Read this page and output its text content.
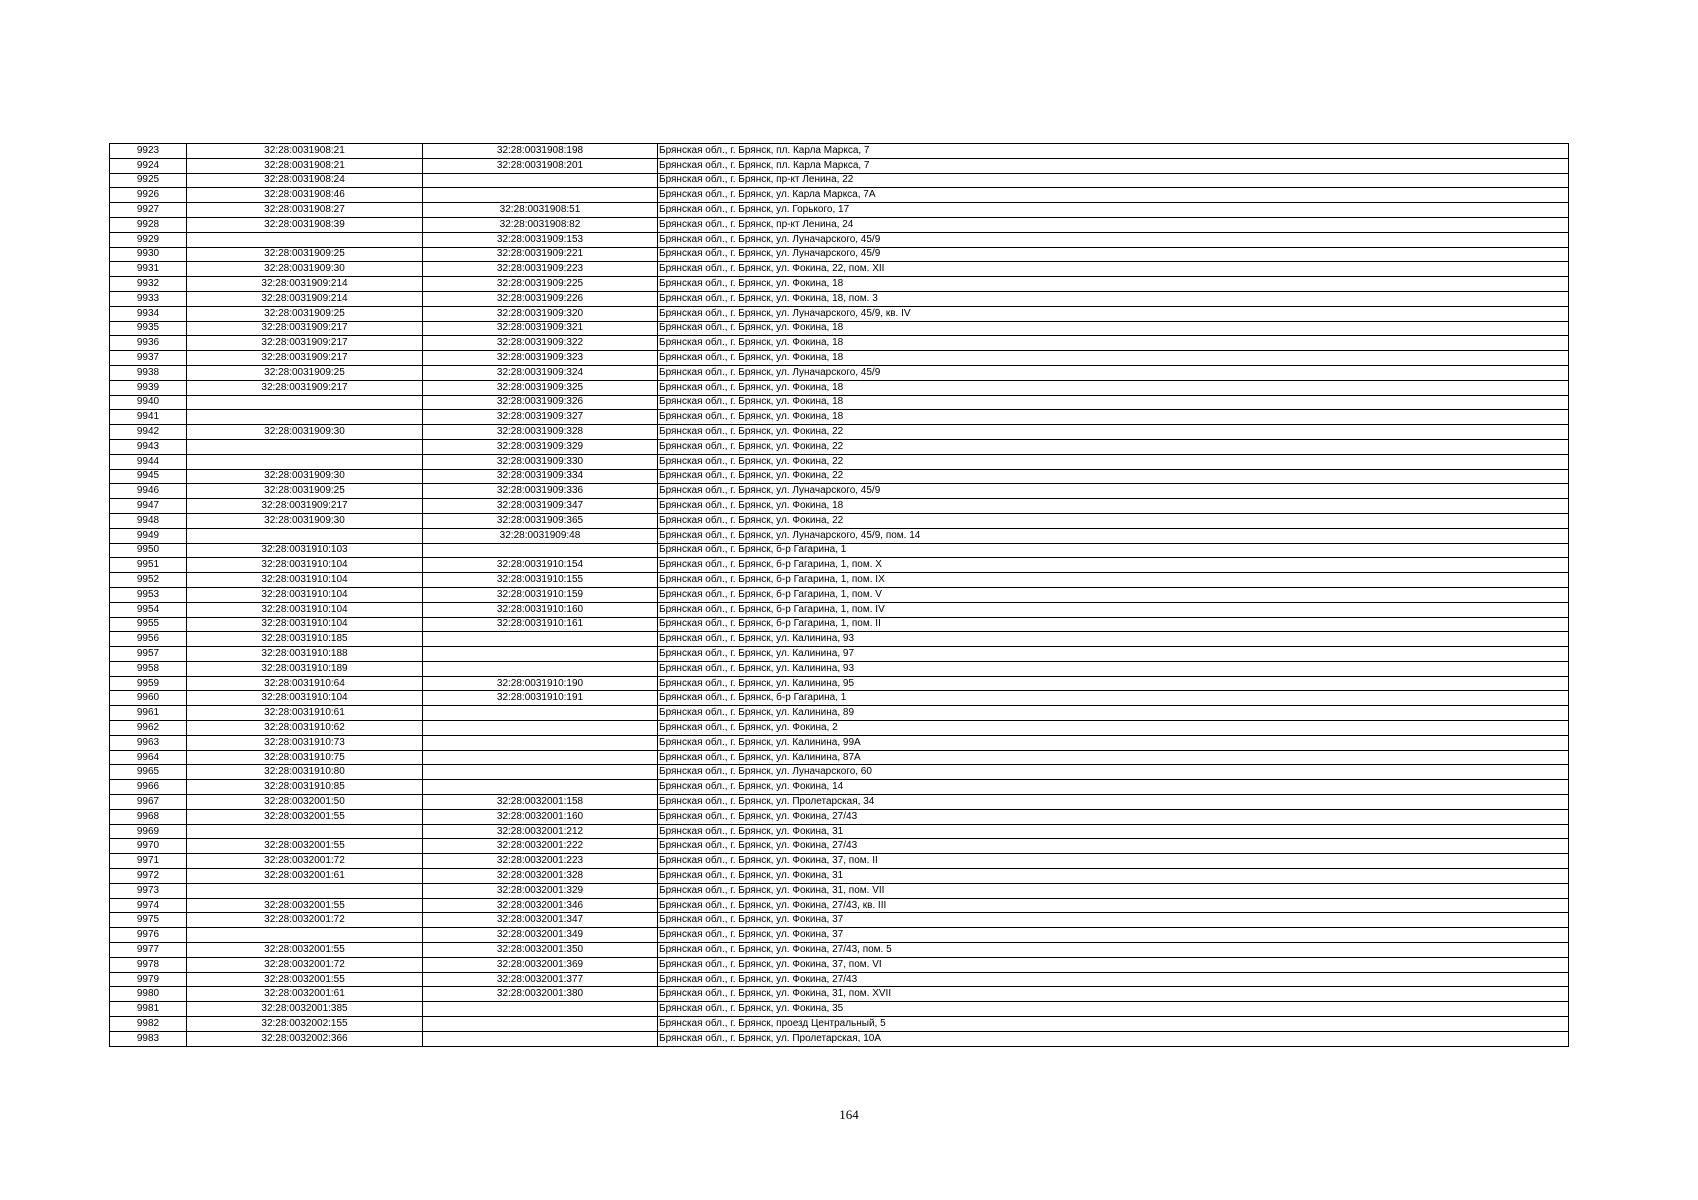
9923	32:28:0031908:21	32:28:0031908:198	Брянская обл., г. Брянск, пл. Карла Маркса, 7
9924	32:28:0031908:21	32:28:0031908:201	Брянская обл., г. Брянск, пл. Карла Маркса, 7
9925	32:28:0031908:24		Брянская обл., г. Брянск, пр-кт Ленина, 22
9926	32:28:0031908:46		Брянская обл., г. Брянск, ул. Карла Маркса, 7А
9927	32:28:0031908:27	32:28:0031908:51	Брянская обл., г. Брянск, ул. Горького, 17
9928	32:28:0031908:39	32:28:0031908:82	Брянская обл., г. Брянск, пр-кт Ленина, 24
9929		32:28:0031909:153	Брянская обл., г. Брянск, ул. Луначарского, 45/9
9930	32:28:0031909:25	32:28:0031909:221	Брянская обл., г. Брянск, ул. Луначарского, 45/9
9931	32:28:0031909:30	32:28:0031909:223	Брянская обл., г. Брянск, ул. Фокина, 22, пом. XII
9932	32:28:0031909:214	32:28:0031909:225	Брянская обл., г. Брянск, ул. Фокина, 18
9933	32:28:0031909:214	32:28:0031909:226	Брянская обл., г. Брянск, ул. Фокина, 18, пом. 3
9934	32:28:0031909:25	32:28:0031909:320	Брянская обл., г. Брянск, ул. Луначарского, 45/9, кв. IV
9935	32:28:0031909:217	32:28:0031909:321	Брянская обл., г. Брянск, ул. Фокина, 18
9936	32:28:0031909:217	32:28:0031909:322	Брянская обл., г. Брянск, ул. Фокина, 18
9937	32:28:0031909:217	32:28:0031909:323	Брянская обл., г. Брянск, ул. Фокина, 18
9938	32:28:0031909:25	32:28:0031909:324	Брянская обл., г. Брянск, ул. Луначарского, 45/9
9939	32:28:0031909:217	32:28:0031909:325	Брянская обл., г. Брянск, ул. Фокина, 18
9940		32:28:0031909:326	Брянская обл., г. Брянск, ул. Фокина, 18
9941		32:28:0031909:327	Брянская обл., г. Брянск, ул. Фокина, 18
9942	32:28:0031909:30	32:28:0031909:328	Брянская обл., г. Брянск, ул. Фокина, 22
9943		32:28:0031909:329	Брянская обл., г. Брянск, ул. Фокина, 22
9944		32:28:0031909:330	Брянская обл., г. Брянск, ул. Фокина, 22
9945	32:28:0031909:30	32:28:0031909:334	Брянская обл., г. Брянск, ул. Фокина, 22
9946	32:28:0031909:25	32:28:0031909:336	Брянская обл., г. Брянск, ул. Луначарского, 45/9
9947	32:28:0031909:217	32:28:0031909:347	Брянская обл., г. Брянск, ул. Фокина, 18
9948	32:28:0031909:30	32:28:0031909:365	Брянская обл., г. Брянск, ул. Фокина, 22
9949		32:28:0031909:48	Брянская обл., г. Брянск, ул. Луначарского, 45/9, пом. 14
9950	32:28:0031910:103		Брянская обл., г. Брянск, б-р Гагарина, 1
9951	32:28:0031910:104	32:28:0031910:154	Брянская обл., г. Брянск, б-р Гагарина, 1, пом. X
9952	32:28:0031910:104	32:28:0031910:155	Брянская обл., г. Брянск, б-р Гагарина, 1, пом. IX
9953	32:28:0031910:104	32:28:0031910:159	Брянская обл., г. Брянск, б-р Гагарина, 1, пом. V
9954	32:28:0031910:104	32:28:0031910:160	Брянская обл., г. Брянск, б-р Гагарина, 1, пом. IV
9955	32:28:0031910:104	32:28:0031910:161	Брянская обл., г. Брянск, б-р Гагарина, 1, пом. II
9956	32:28:0031910:185		Брянская обл., г. Брянск, ул. Калинина, 93
9957	32:28:0031910:188		Брянская обл., г. Брянск, ул. Калинина, 97
9958	32:28:0031910:189		Брянская обл., г. Брянск, ул. Калинина, 93
9959	32:28:0031910:64	32:28:0031910:190	Брянская обл., г. Брянск, ул. Калинина, 95
9960	32:28:0031910:104	32:28:0031910:191	Брянская обл., г. Брянск, б-р Гагарина, 1
9961	32:28:0031910:61		Брянская обл., г. Брянск, ул. Калинина, 89
9962	32:28:0031910:62		Брянская обл., г. Брянск, ул. Фокина, 2
9963	32:28:0031910:73		Брянская обл., г. Брянск, ул. Калинина, 99А
9964	32:28:0031910:75		Брянская обл., г. Брянск, ул. Калинина, 87А
9965	32:28:0031910:80		Брянская обл., г. Брянск, ул. Луначарского, 60
9966	32:28:0031910:85		Брянская обл., г. Брянск, ул. Фокина, 14
9967	32:28:0032001:50	32:28:0032001:158	Брянская обл., г. Брянск, ул. Пролетарская, 34
9968	32:28:0032001:55	32:28:0032001:160	Брянская обл., г. Брянск, ул. Фокина, 27/43
9969		32:28:0032001:212	Брянская обл., г. Брянск, ул. Фокина, 31
9970	32:28:0032001:55	32:28:0032001:222	Брянская обл., г. Брянск, ул. Фокина, 27/43
9971	32:28:0032001:72	32:28:0032001:223	Брянская обл., г. Брянск, ул. Фокина, 37, пом. II
9972	32:28:0032001:61	32:28:0032001:328	Брянская обл., г. Брянск, ул. Фокина, 31
9973		32:28:0032001:329	Брянская обл., г. Брянск, ул. Фокина, 31, пом. VII
9974	32:28:0032001:55	32:28:0032001:346	Брянская обл., г. Брянск, ул. Фокина, 27/43, кв. III
9975	32:28:0032001:72	32:28:0032001:347	Брянская обл., г. Брянск, ул. Фокина, 37
9976		32:28:0032001:349	Брянская обл., г. Брянск, ул. Фокина, 37
9977	32:28:0032001:55	32:28:0032001:350	Брянская обл., г. Брянск, ул. Фокина, 27/43, пом. 5
9978	32:28:0032001:72	32:28:0032001:369	Брянская обл., г. Брянск, ул. Фокина, 37, пом. VI
9979	32:28:0032001:55	32:28:0032001:377	Брянская обл., г. Брянск, ул. Фокина, 27/43
9980	32:28:0032001:61	32:28:0032001:380	Брянская обл., г. Брянск, ул. Фокина, 31, пом. XVII
9981	32:28:0032001:385		Брянская обл., г. Брянск, ул. Фокина, 35
9982	32:28:0032002:155		Брянская обл., г. Брянск, проезд Центральный, 5
9983	32:28:0032002:366		Брянская обл., г. Брянск, ул. Пролетарская, 10А
164
